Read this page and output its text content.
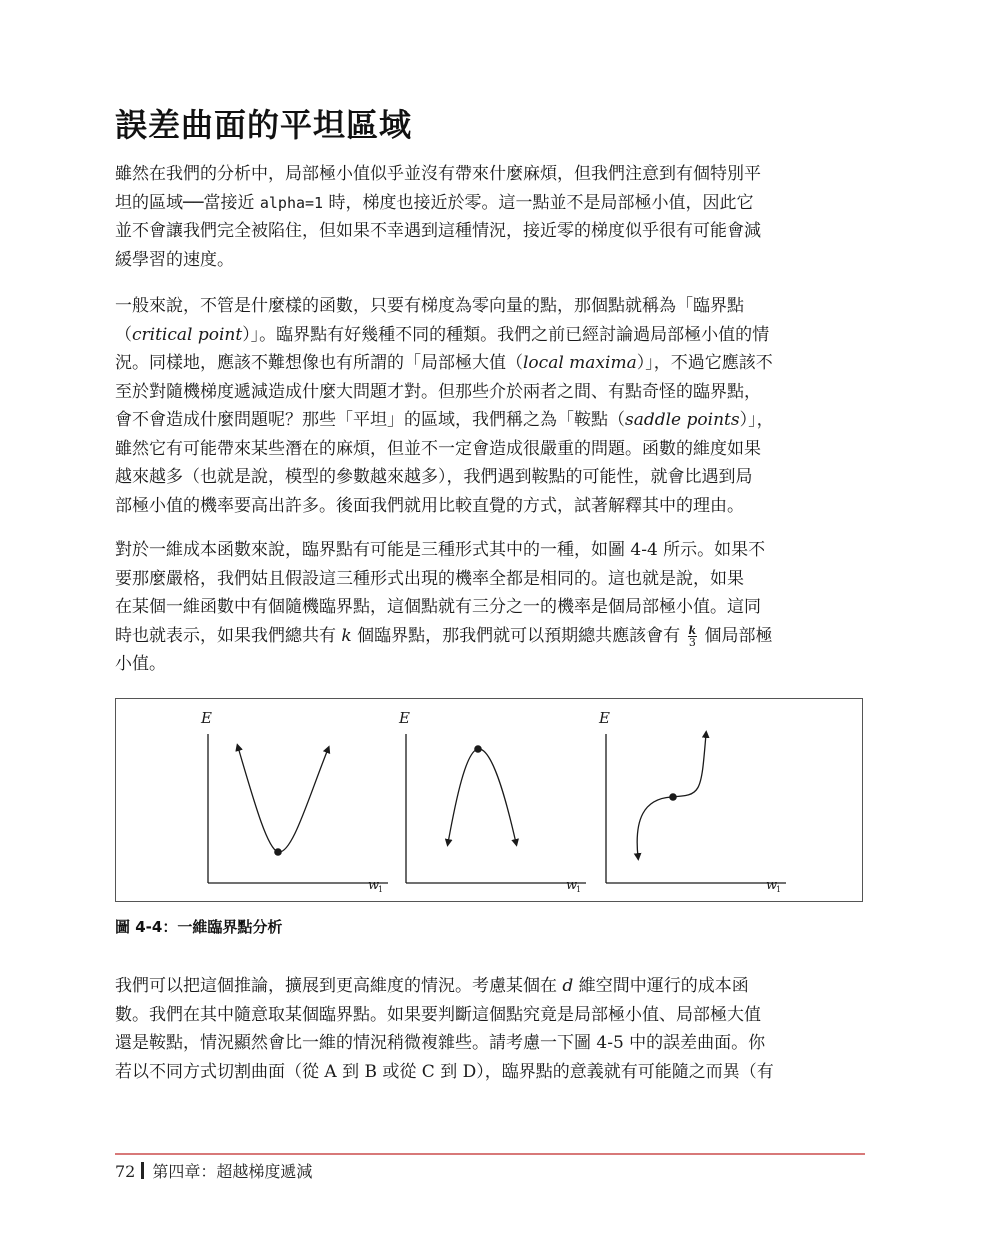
誤差曲面的平坦區域

雖然在我們的分析中，局部極小值似乎並沒有帶來什麼麻煩，但我們注意到有個特別平
坦的區域──當接近 alpha=1 時，梯度也接近於零。這一點並不是局部極小值，因此它
並不會讓我們完全被陷住，但如果不幸遇到這種情況，接近零的梯度似乎很有可能會減
緩學習的速度。

一般來說，不管是什麼樣的函數，只要有梯度為零向量的點，那個點就稱為「臨界點
（critical point）」。臨界點有好幾種不同的種類。我們之前已經討論過局部極小值的情
況。同樣地，應該不難想像也有所謂的「局部極大值（local maxima）」，不過它應該不
至於對隨機梯度遞減造成什麼大問題才對。但那些介於兩者之間、有點奇怪的臨界點，
會不會造成什麼問題呢？那些「平坦」的區域，我們稱之為「鞍點（saddle points）」，
雖然它有可能帶來某些潛在的麻煩，但並不一定會造成很嚴重的問題。函數的維度如果
越來越多（也就是說，模型的參數越來越多），我們遇到鞍點的可能性，就會比遇到局
部極小值的機率要高出許多。後面我們就用比較直覺的方式，試著解釋其中的理由。

對於一維成本函數來說，臨界點有可能是三種形式其中的一種，如圖 4-4 所示。如果不
要那麼嚴格，我們姑且假設這三種形式出現的機率全都是相同的。這也就是說，如果
在某個一維函數中有個隨機臨界點，這個點就有三分之一的機率是個局部極小值。這同
時也就表示，如果我們總共有 k 個臨界點，那我們就可以預期總共應該會有 $\frac{k}{3}$ 個局部極
小值。

E
w
1
E
w
1
E
w
1

圖 4-4：一維臨界點分析

我們可以把這個推論，擴展到更高維度的情況。考慮某個在 d 維空間中運行的成本函
數。我們在其中隨意取某個臨界點。如果要判斷這個點究竟是局部極小值、局部極大值
還是鞍點，情況顯然會比一維的情況稍微複雜些。請考慮一下圖 4-5 中的誤差曲面。你
若以不同方式切割曲面（從 A 到 B 或從 C 到 D），臨界點的意義就有可能隨之而異（有

72 第四章：超越梯度遞減
